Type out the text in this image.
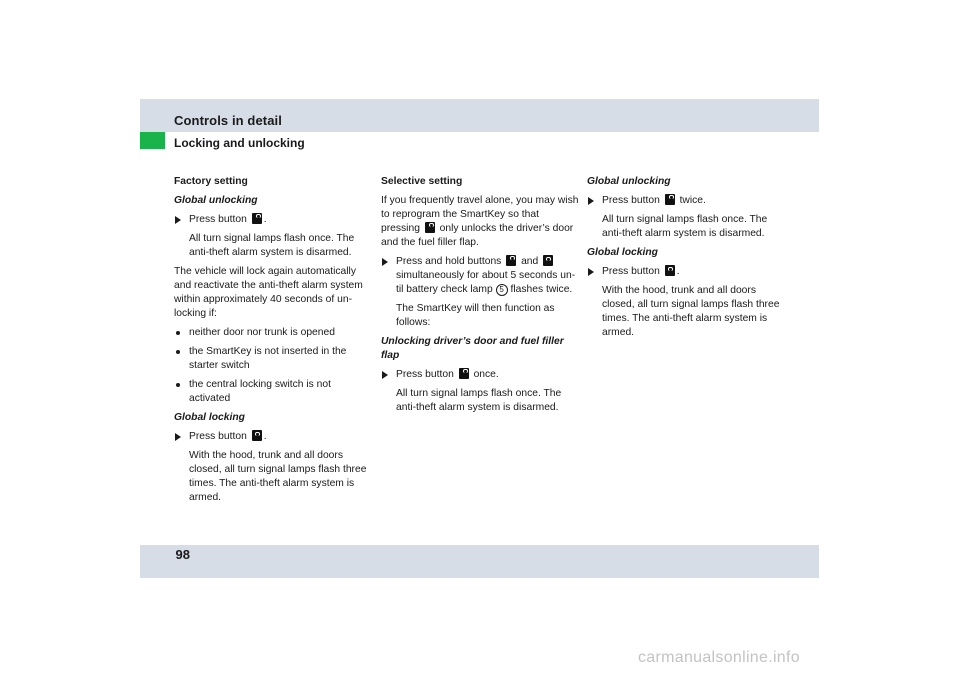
Controls in detail
Locking and unlocking

Factory setting

Global unlocking

Press button .

All turn signal lamps flash once. The anti-theft alarm system is disarmed.

The vehicle will lock again automatically and reactivate the anti-theft alarm system within approximately 40 seconds of un-locking if:

neither door nor trunk is opened
the SmartKey is not inserted in the starter switch
the central locking switch is not activated

Global locking

Press button .

With the hood, trunk and all doors closed, all turn signal lamps flash three times. The anti-theft alarm system is armed.

Selective setting

If you frequently travel alone, you may wish to reprogram the SmartKey so that pressing only unlocks the driver’s door and the fuel filler flap.

Press and hold buttons and  simultaneously for about 5 seconds un-til battery check lamp 5 flashes twice.

The SmartKey will then function as follows:

Unlocking driver’s door and fuel filler flap

Press button once.

All turn signal lamps flash once. The anti-theft alarm system is disarmed.

Global unlocking

Press button twice.

All turn signal lamps flash once. The anti-theft alarm system is disarmed.

Global locking

Press button .

With the hood, trunk and all doors closed, all turn signal lamps flash three times. The anti-theft alarm system is armed.

98
carmanualsonline.info
